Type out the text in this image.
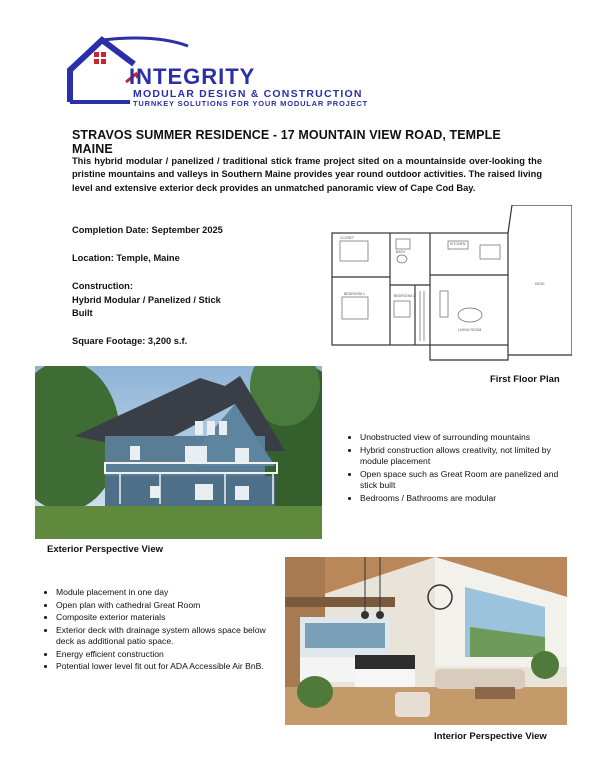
INTEGRITY
MODULAR DESIGN & CONSTRUCTION
TURNKEY SOLUTIONS FOR YOUR MODULAR PROJECT
STRAVOS SUMMER RESIDENCE - 17 MOUNTAIN VIEW ROAD, TEMPLE MAINE
This hybrid modular / panelized / traditional stick frame project sited on a mountainside over-looking the pristine mountains and valleys in Southern Maine provides year round outdoor activities. The raised living level and extensive exterior deck provides an unmatched panoramic view of Cape Cod Bay.
Completion Date: September 2025
Location: Temple, Maine
Construction:
Hybrid Modular / Panelized / Stick
Built
Square Footage: 3,200 s.f.
BEDROOM 1	BEDROOM 2
BATH
KITCHEN
LIVING ROOM
DECK
CLOSET
First Floor Plan
Exterior Perspective View
• Unobstructed view of surrounding mountains
• Hybrid construction allows creativity, not limited by module placement
• Open space such as Great Room are panelized and stick built
• Bedrooms / Bathrooms are modular
• Module placement in one day
• Open plan with cathedral Great Room
• Composite exterior materials
• Exterior deck with drainage system allows space below deck as additional patio space.
• Energy efficient construction
• Potential lower level fit out for ADA Accessible Air BnB.
Interior Perspective View
